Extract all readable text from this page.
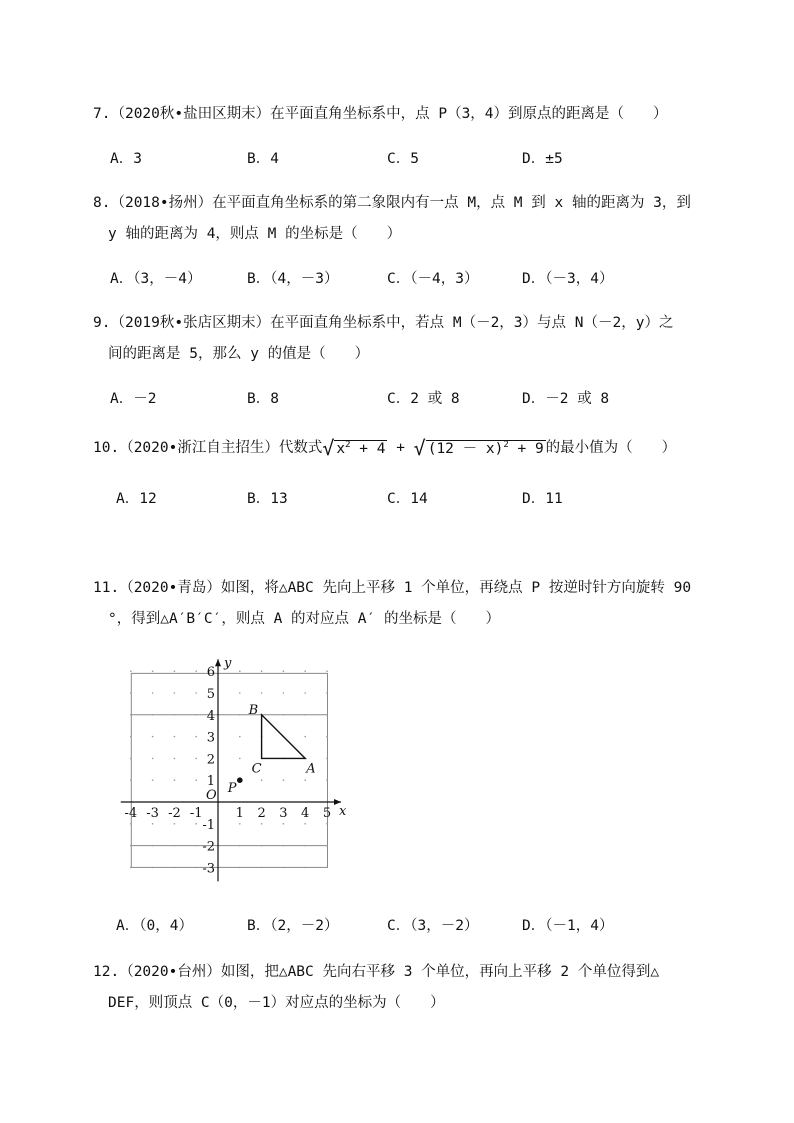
7.（2020秋•盐田区期末）在平面直角坐标系中，点 P（3，4）到原点的距离是（　　）
A．3	B．4	C．5	D．±5
8.（2018•扬州）在平面直角坐标系的第二象限内有一点 M，点 M 到 x 轴的距离为 3，到
y 轴的距离为 4，则点 M 的坐标是（　　）
A．（3，－4）	B．（4，－3）	C．（－4，3）	D．（－3，4）
9.（2019秋•张店区期末）在平面直角坐标系中，若点 M（－2，3）与点 N（－2，y）之
间的距离是 5，那么 y 的值是（　　）
A．－2	B．8	C．2 或 8	D．－2 或 8
10.（2020•浙江自主招生）代数式√ $x^2 + 4$ + √ $(12 - x)^2 + 9$ 的最小值为（　　）
A．12	B．13	C．14	D．11
11.（2020•青岛）如图，将△ABC 先向上平移 1 个单位，再绕点 P 按逆时针方向旋转 90
°，得到△A′B′C′，则点 A 的对应点 A′ 的坐标是（　　）
x
y
O
-4 -3 -2 -1	1 2 3 4 5
6
5
4
3
2
1
-1
-2
-3
B
C	A
P
A．（0，4）	B．（2，－2）	C．（3，－2）	D．（－1，4）
12.（2020•台州）如图，把△ABC 先向右平移 3 个单位，再向上平移 2 个单位得到△
DEF，则顶点 C（0，－1）对应点的坐标为（　　）
